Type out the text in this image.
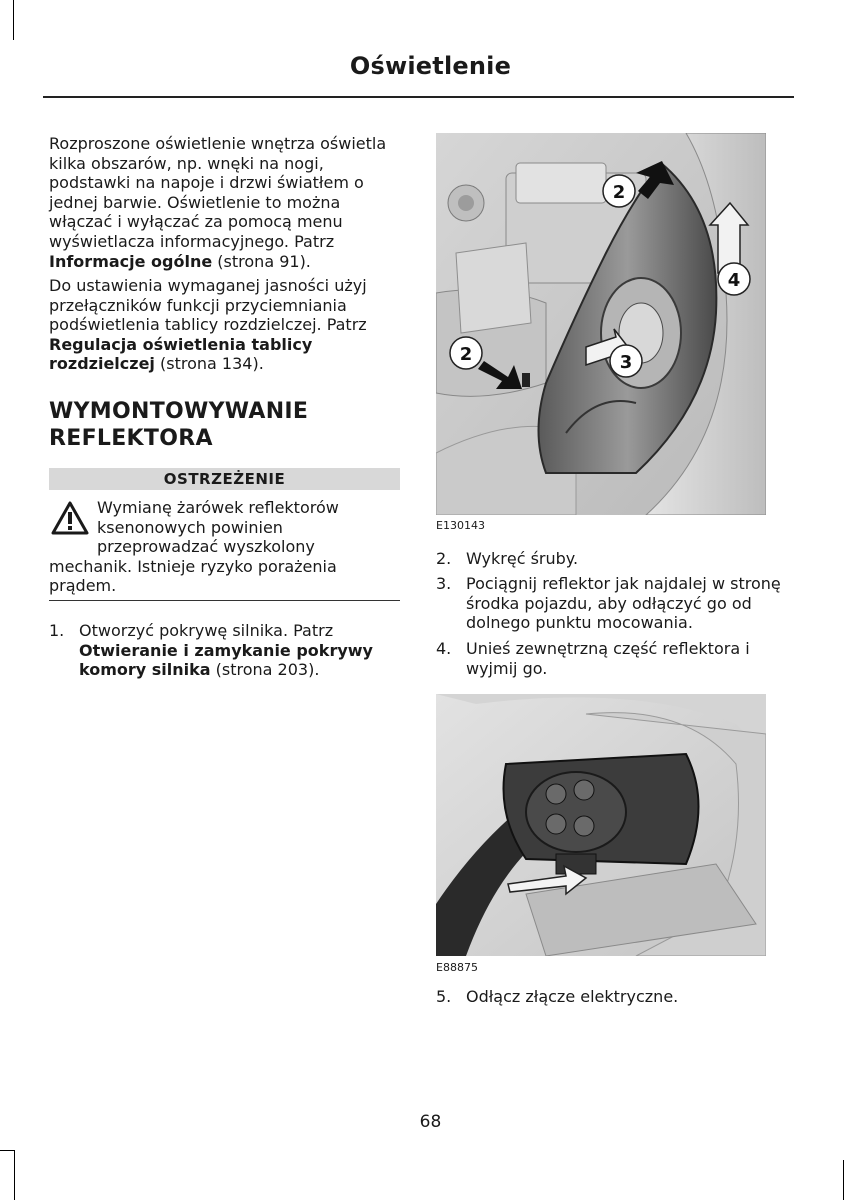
Oświetlenie

Rozproszone oświetlenie wnętrza oświetla

kilka obszarów, np. wnęki na nogi,

podstawki na napoje i drzwi światłem o

jednej barwie. Oświetlenie to można

włączać i wyłączać za pomocą menu

wyświetlacza informacyjnego. Patrz

Informacje ogólne (strona 91).

Do ustawienia wymaganej jasności użyj

przełączników funkcji przyciemniania

podświetlenia tablicy rozdzielczej. Patrz

Regulacja oświetlenia tablicy

rozdzielczej (strona 134).

WYMONTOWYWANIE
REFLEKTORA
OSTRZEŻENIE

Wymianę żarówek reflektorów

ksenonowych powinien

przeprowadzać wyszkolony

mechanik. Istnieje ryzyko porażenia

prądem.

1. Otworzyć pokrywę silnika. Patrz

Otwieranie i zamykanie pokrywy

komory silnika (strona 203).

2
2	3
4
E130143
2. Wykręć śruby.

3. Pociągnij reflektor jak najdalej w stronę

środka pojazdu, aby odłączyć go od

dolnego punktu mocowania.

4. Unieś zewnętrzną część reflektora i

wyjmij go.

E88875
5. Odłącz złącze elektryczne.

68
